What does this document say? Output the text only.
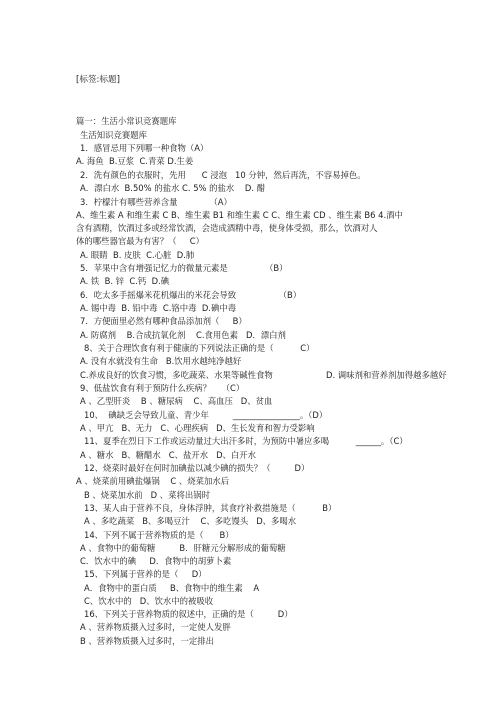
[标签:标题]
篇一：生活小常识竞赛题库
生活知识竞赛题库
1．感冒忌用下列哪一种食物（A）
A. 海鱼  B.豆浆  C.青菜 D.生姜
2．洗有颜色的衣服时，先用      C 浸泡   10 分钟，然后再洗，不容易掉色。
A．漂白水  B.50% 的盐水 C. 5% 的盐水    D. 醋
3．柠檬汁有哪些营养含量            （A）
A、维生素 A 和维生素 C B、维生素 B1 和维生素 C C、维生素 CD 、维生素 B6 4.酒中
含有酒精，饮酒过多或经常饮酒，会造成酒精中毒，使身体受损，那么，饮酒对人
体的哪些器官最为有害？（     C）
A. 眼睛  B. 皮肤  C.心脏  D.肺
5．苹果中含有增强记忆力的微量元素是              （B）
A. 铁  B. 锌  C.钙  D.碘
6．吃太多手摇爆米花机爆出的米花会导致                （B）
A. 锡中毒  B. 铅中毒  C.铬中毒  D.碘中毒
7．方便面里必然有哪种食品添加剂（     B）
A. 防腐剂    B.合成抗氧化剂    C.食用色素   D．漂白剂
8、关于合理饮食有利于健康的下列说法正确的是（          C）
A. 没有水就没有生命   B.饮用水越纯净越好
C.养成良好的饮食习惯，多吃蔬菜、水果等碱性食物                    D. 调味剂和营养剂加得越多越好
9、低盐饮食有利于预防什么疾病？    （C）
A 、乙型肝炎    B 、糖尿病    C、高血压   D、贫血
10、  碘缺乏会导致儿童、青少年         ________________。（D）
A 、甲亢   B、无力   C、心理疾病   D、生长发育和智力受影响
11、夏季在烈日下工作或运动量过大出汗多时，为预防中暑应多喝          ______。（C）
A 、糖水   B、糖醋水   C、盐开水   D、白开水
12、烧菜时最好在何时加碘盐以减少碘的损失？（         D）
A 、烧菜前用碘盐爆锅    C 、烧菜加水后
B 、烧菜加水前   D 、菜将出锅时
13、某人由于营养不良，身体浮肿，其食疗补救措施是（          B）
A 、多吃蔬菜   B、多喝豆汁    C、多吃馒头   D、多喝水
14、下列不属于营养物质的是（      B）
A 、食物中的葡萄糖         B．肝糖元分解形成的葡萄糖
C．饮水中的碘     D．食物中的胡萝卜素
15、下列属于营养的是（     D）
A．食物中的蛋白质     B、食物中的维生素    A
C、饮水中的   D、饮水中的被吸收
16、下列关于营养物质的叙述中，正确的是（         D）
A 、营养物质摄入过多时，一定使人发胖
B 、营养物质摄入过多时，一定排出
